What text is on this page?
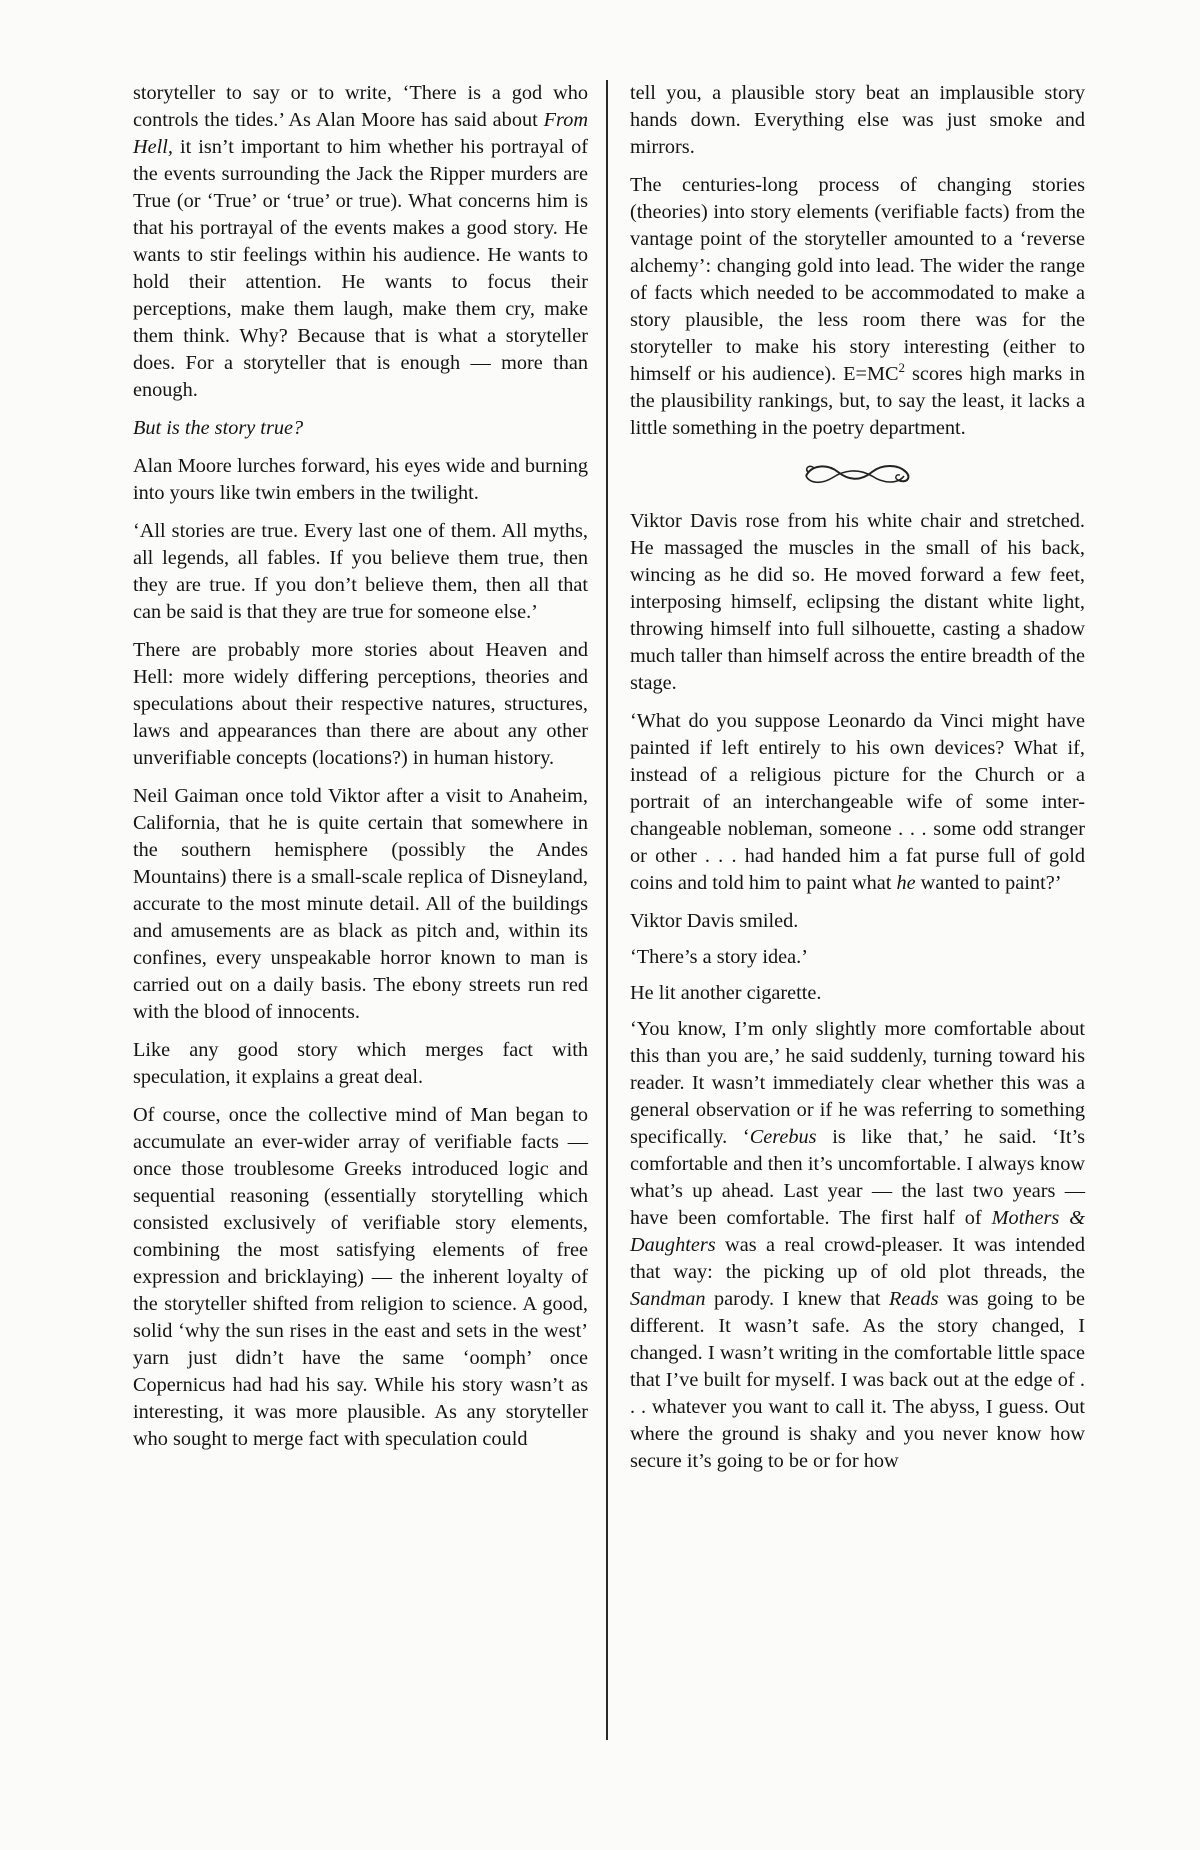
storyteller to say or to write, ‘There is a god who controls the tides.’ As Alan Moore has said about From Hell, it isn’t important to him whether his portrayal of the events surrounding the Jack the Ripper murders are True (or ‘True’ or ‘true’ or true). What concerns him is that his portrayal of the events makes a good story. He wants to stir feelings within his audience. He wants to hold their attention. He wants to focus their perceptions, make them laugh, make them cry, make them think. Why? Because that is what a storyteller does. For a storyteller that is enough — more than enough.

But is the story true?

Alan Moore lurches forward, his eyes wide and burning into yours like twin embers in the twilight.

‘All stories are true. Every last one of them. All myths, all legends, all fables. If you believe them true, then they are true. If you don’t believe them, then all that can be said is that they are true for someone else.’

There are probably more stories about Heaven and Hell: more widely differing perceptions, theories and speculations about their respective natures, structures, laws and appearances than there are about any other unverifiable concepts (locations?) in human history.

Neil Gaiman once told Viktor after a visit to Anaheim, California, that he is quite certain that somewhere in the southern hemisphere (possibly the Andes Mountains) there is a small-scale replica of Disneyland, accurate to the most minute detail. All of the buildings and amusements are as black as pitch and, within its confines, every unspeakable horror known to man is carried out on a daily basis. The ebony streets run red with the blood of innocents.

Like any good story which merges fact with speculation, it explains a great deal.

Of course, once the collective mind of Man began to accumulate an ever-wider array of verifiable facts — once those troublesome Greeks introduced logic and sequential reasoning (essentially storytelling which consisted exclusively of verifiable story elements, combining the most satisfying elements of free expression and bricklaying) — the inherent loyalty of the storyteller shifted from religion to science. A good, solid ‘why the sun rises in the east and sets in the west’ yarn just didn’t have the same ‘oomph’ once Copernicus had had his say. While his story wasn’t as interesting, it was more plausible. As any storyteller who sought to merge fact with speculation could

tell you, a plausible story beat an implausible story hands down. Everything else was just smoke and mirrors.

The centuries-long process of changing stories (theories) into story elements (verifiable facts) from the vantage point of the storyteller amounted to a ‘reverse alchemy’: changing gold into lead. The wider the range of facts which needed to be accommodated to make a story plausible, the less room there was for the storyteller to make his story interesting (either to himself or his audience). $E=MC^2$ scores high marks in the plausibility rankings, but, to say the least, it lacks a little something in the poetry department.

Viktor Davis rose from his white chair and stretched. He massaged the muscles in the small of his back, wincing as he did so. He moved forward a few feet, interposing himself, eclipsing the distant white light, throwing himself into full silhouette, casting a shadow much taller than himself across the entire breadth of the stage.

‘What do you suppose Leonardo da Vinci might have painted if left entirely to his own devices? What if, instead of a religious picture for the Church or a portrait of an interchangeable wife of some inter-changeable nobleman, someone . . . some odd stranger or other . . . had handed him a fat purse full of gold coins and told him to paint what he wanted to paint?’

Viktor Davis smiled.

‘There’s a story idea.’

He lit another cigarette.

‘You know, I’m only slightly more comfortable about this than you are,’ he said suddenly, turning toward his reader. It wasn’t immediately clear whether this was a general observation or if he was referring to something specifically. ‘Cerebus is like that,’ he said. ‘It’s comfortable and then it’s uncomfortable. I always know what’s up ahead. Last year — the last two years — have been comfortable. The first half of Mothers & Daughters was a real crowd-pleaser. It was intended that way: the picking up of old plot threads, the Sandman parody. I knew that Reads was going to be different. It wasn’t safe. As the story changed, I changed. I wasn’t writing in the comfortable little space that I’ve built for myself. I was back out at the edge of . . . whatever you want to call it. The abyss, I guess. Out where the ground is shaky and you never know how secure it’s going to be or for how
